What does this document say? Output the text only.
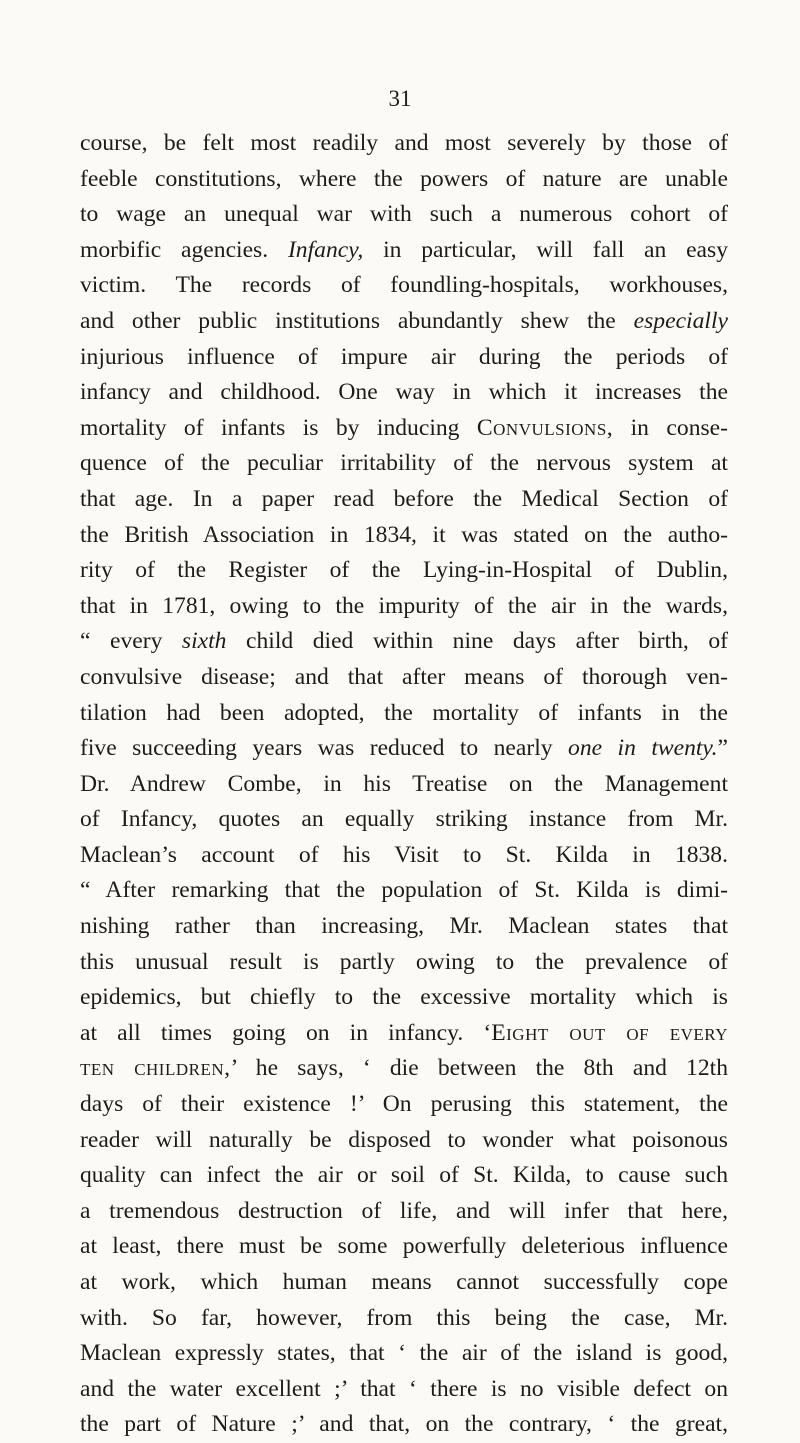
31
course, be felt most readily and most severely by those of
feeble constitutions, where the powers of nature are unable
to wage an unequal war with such a numerous cohort of
morbific agencies. Infancy, in particular, will fall an easy
victim. The records of foundling-hospitals, workhouses,
and other public institutions abundantly shew the especially
injurious influence of impure air during the periods of
infancy and childhood. One way in which it increases the
mortality of infants is by inducing Convulsions, in conse-
quence of the peculiar irritability of the nervous system at
that age. In a paper read before the Medical Section of
the British Association in 1834, it was stated on the autho-
rity of the Register of the Lying-in-Hospital of Dublin,
that in 1781, owing to the impurity of the air in the wards,
“ every sixth child died within nine days after birth, of
convulsive disease; and that after means of thorough ven-
tilation had been adopted, the mortality of infants in the
five succeeding years was reduced to nearly one in twenty.”
Dr. Andrew Combe, in his Treatise on the Management
of Infancy, quotes an equally striking instance from Mr.
Maclean’s account of his Visit to St. Kilda in 1838.
“ After remarking that the population of St. Kilda is dimi-
nishing rather than increasing, Mr. Maclean states that
this unusual result is partly owing to the prevalence of
epidemics, but chiefly to the excessive mortality which is
at all times going on in infancy. ‘Eight out of every
ten children,’ he says, ‘ die between the 8th and 12th
days of their existence !’ On perusing this statement, the
reader will naturally be disposed to wonder what poisonous
quality can infect the air or soil of St. Kilda, to cause such
a tremendous destruction of life, and will infer that here,
at least, there must be some powerfully deleterious influence
at work, which human means cannot successfully cope
with. So far, however, from this being the case, Mr.
Maclean expressly states, that ‘ the air of the island is good,
and the water excellent ;’ that ‘ there is no visible defect on
the part of Nature ;’ and that, on the contrary, ‘ the great,
